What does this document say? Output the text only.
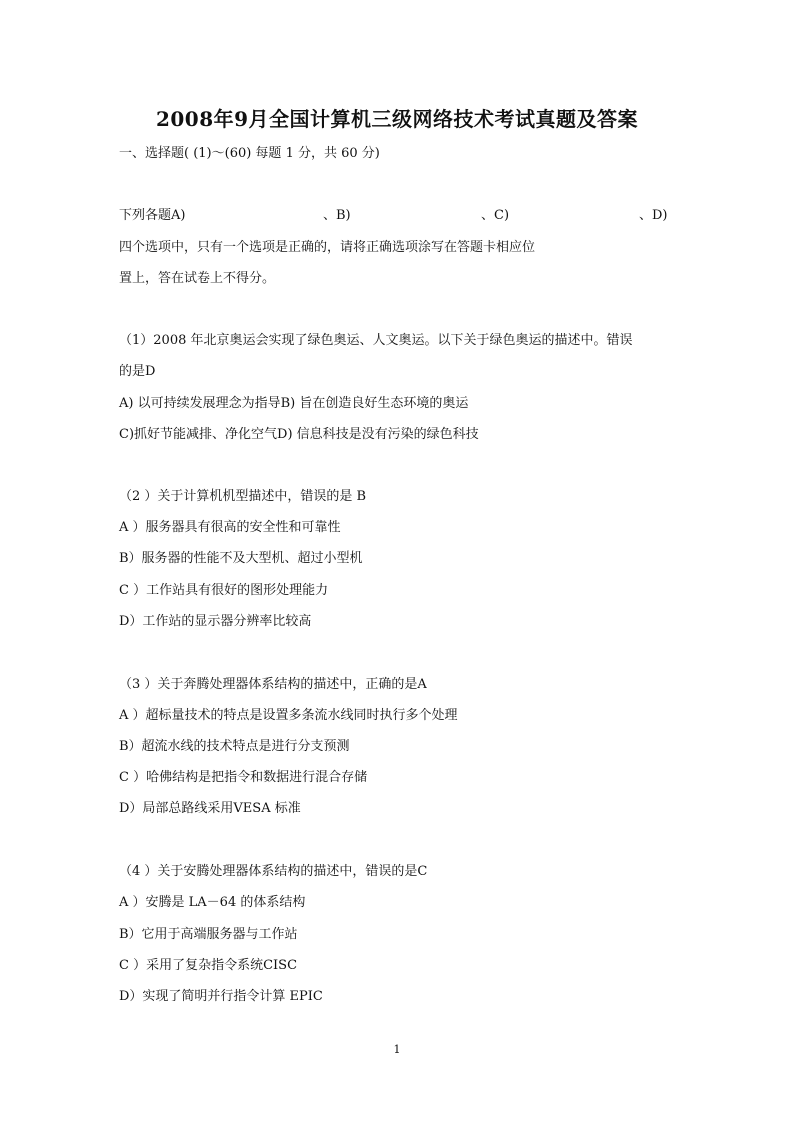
2008年9月全国计算机三级网络技术考试真题及答案
一、选择题( (1)～(60) 每题 1 分，共 60 分)
下列各题A)	、B)	、C)	、D)
四个选项中，只有一个选项是正确的，请将正确选项涂写在答题卡相应位
置上，答在试卷上不得分。
（1）2008 年北京奥运会实现了绿色奥运、人文奥运。以下关于绿色奥运的描述中。错误
的是D
A) 以可持续发展理念为指导B) 旨在创造良好生态环境的奥运
C)抓好节能减排、净化空气D) 信息科技是没有污染的绿色科技
（2 ）关于计算机机型描述中，错误的是 B
A ）服务器具有很高的安全性和可靠性
B）服务器的性能不及大型机、超过小型机
C ）工作站具有很好的图形处理能力
D）工作站的显示器分辨率比较高
（3 ）关于奔腾处理器体系结构的描述中，正确的是A
A ）超标量技术的特点是设置多条流水线同时执行多个处理
B）超流水线的技术特点是进行分支预测
C ）哈佛结构是把指令和数据进行混合存储
D）局部总路线采用VESA 标准
（4 ）关于安腾处理器体系结构的描述中，错误的是C
A ）安腾是 LA－64 的体系结构
B）它用于高端服务器与工作站
C ）采用了复杂指令系统CISC
D）实现了简明并行指令计算 EPIC
1
